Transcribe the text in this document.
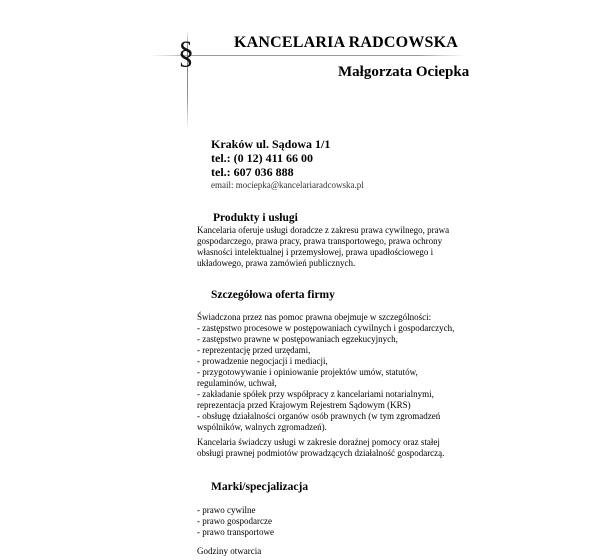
§	KANCELARIA RADCOWSKA
Małgorzata Ociepka
Kraków ul. Sądowa 1/1
tel.: (0 12) 411 66 00
tel.: 607 036 888
email: mociepka@kancelariaradcowska.pl
Produkty i usługi
Kancelaria oferuje usługi doradcze z zakresu prawa cywilnego, prawa gospodarczego, prawa pracy, prawa transportowego, prawa ochrony własności intelektualnej i przemysłowej, prawa upadłościowego i układowego, prawa zamówień publicznych.
Szczegółowa oferta firmy
Świadczona przez nas pomoc prawna obejmuje w szczególności:
- zastępstwo procesowe w postępowaniach cywilnych i gospodarczych,
- zastępstwo prawne w postępowaniach egzekucyjnych,
- reprezentację przed urzędami,
- prowadzenie negocjacji i mediacji,
- przygotowywanie i opiniowanie projektów umów, statutów, regulaminów, uchwał,
- zakładanie spółek przy współpracy z kancelariami notarialnymi, reprezentacja przed Krajowym Rejestrem Sądowym (KRS)
- obsługę działalności organów osób prawnych (w tym zgromadzeń wspólników, walnych zgromadzeń).
Kancelaria świadczy usługi w zakresie doraźnej pomocy oraz stałej obsługi prawnej podmiotów prowadzących działalność gospodarczą.
Marki/specjalizacja
- prawo cywilne
- prawo gospodarcze
- prawo transportowe
Godziny otwarcia
